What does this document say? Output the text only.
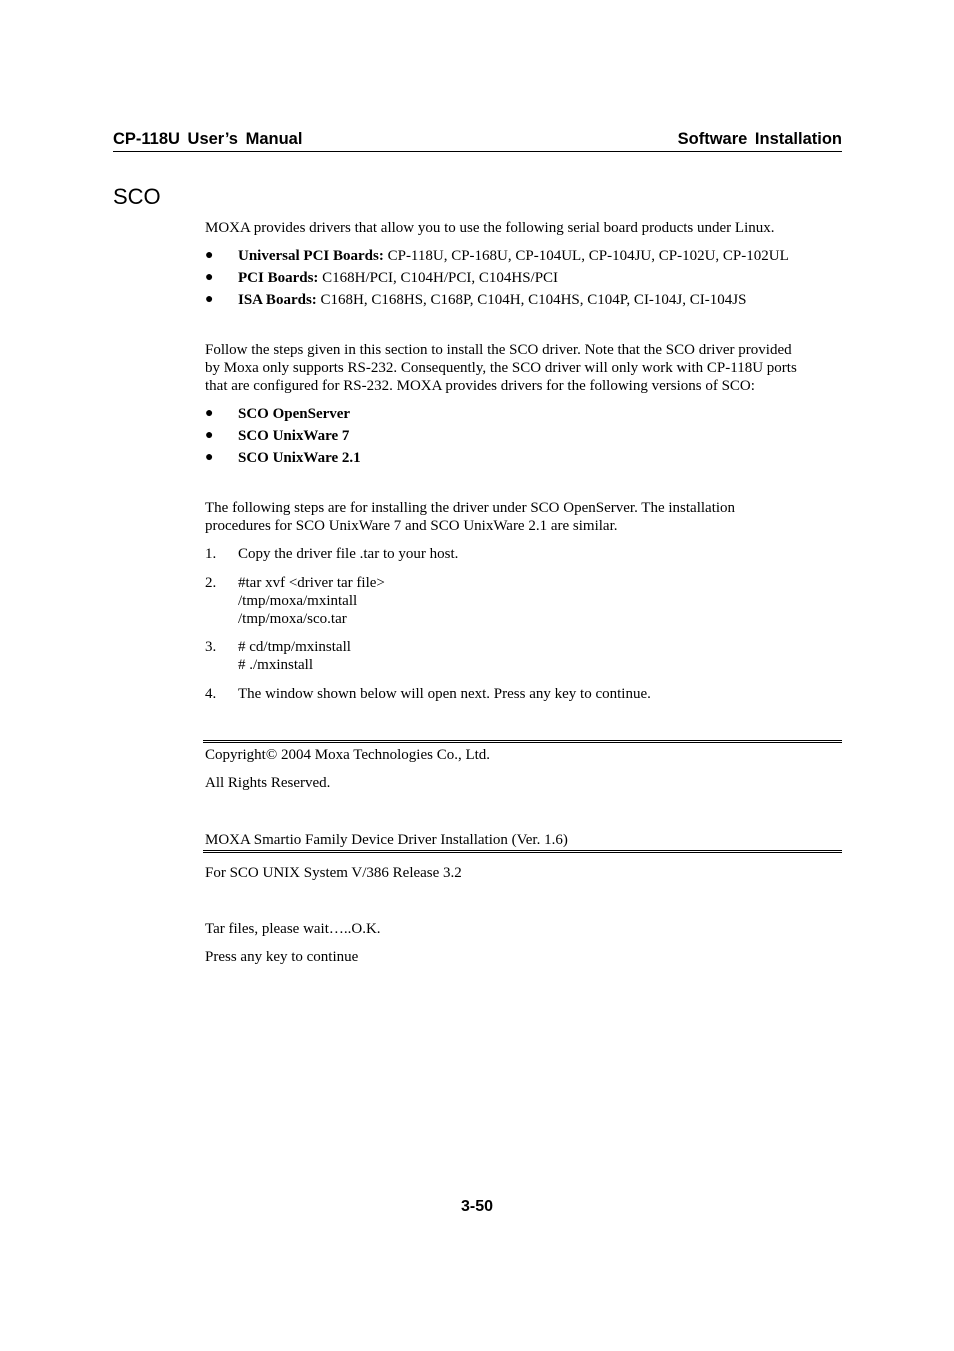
CP-118U User’s Manual	Software Installation
SCO
MOXA provides drivers that allow you to use the following serial board products under Linux.
● Universal PCI Boards: CP-118U, CP-168U, CP-104UL, CP-104JU, CP-102U, CP-102UL
● PCI Boards: C168H/PCI, C104H/PCI, C104HS/PCI
● ISA Boards: C168H, C168HS, C168P, C104H, C104HS, C104P, CI-104J, CI-104JS
Follow the steps given in this section to install the SCO driver. Note that the SCO driver provided
by Moxa only supports RS-232. Consequently, the SCO driver will only work with CP-118U ports
that are configured for RS-232. MOXA provides drivers for the following versions of SCO:
● SCO OpenServer
● SCO UnixWare 7
● SCO UnixWare 2.1
The following steps are for installing the driver under SCO OpenServer. The installation
procedures for SCO UnixWare 7 and SCO UnixWare 2.1 are similar.
1. Copy the driver file .tar to your host.
2. #tar xvf <driver tar file>
/tmp/moxa/mxintall
/tmp/moxa/sco.tar
3. # cd/tmp/mxinstall
# ./mxinstall
4. The window shown below will open next. Press any key to continue.
Copyright© 2004 Moxa Technologies Co., Ltd.
All Rights Reserved.
MOXA Smartio Family Device Driver Installation (Ver. 1.6)
For SCO UNIX System V/386 Release 3.2
Tar files, please wait…..O.K.
Press any key to continue
3-50
